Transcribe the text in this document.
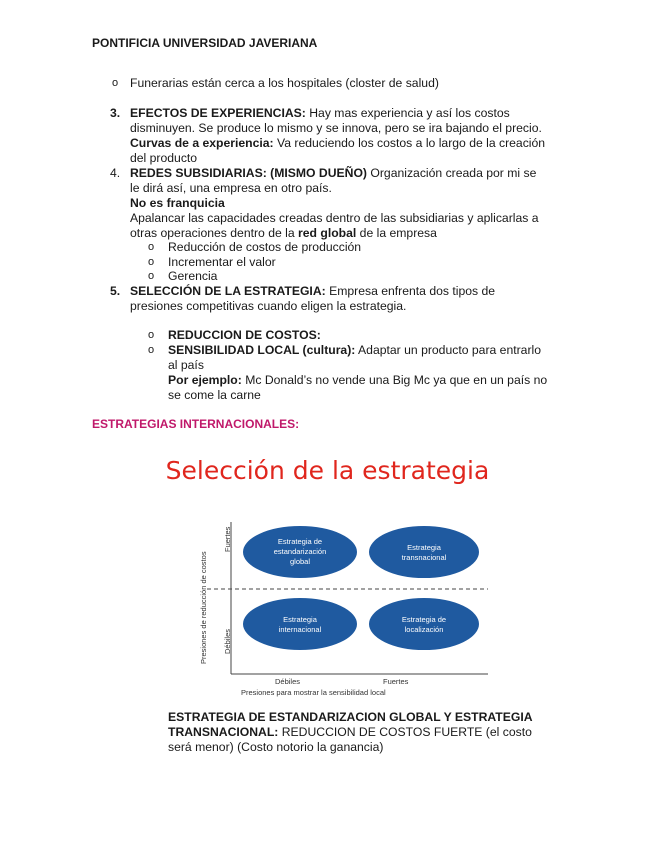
PONTIFICIA UNIVERSIDAD JAVERIANA
o Funerarias están cerca a los hospitales (closter de salud)
3. EFECTOS DE EXPERIENCIAS: Hay mas experiencia y así los costos
disminuyen. Se produce lo mismo y se innova, pero se ira bajando el precio.
Curvas de a experiencia: Va reduciendo los costos a lo largo de la creación
del producto
4. REDES SUBSIDIARIAS: (MISMO DUEÑO) Organización creada por mi se
le dirá así, una empresa en otro país.
No es franquicia
Apalancar las capacidades creadas dentro de las subsidiarias y aplicarlas a
otras operaciones dentro de la red global de la empresa
o Reducción de costos de producción
o Incrementar el valor
o Gerencia
5. SELECCIÓN DE LA ESTRATEGIA: Empresa enfrenta dos tipos de
presiones competitivas cuando eligen la estrategia.
o REDUCCION DE COSTOS:
o SENSIBILIDAD LOCAL (cultura): Adaptar un producto para entrarlo
al país
Por ejemplo: Mc Donald’s no vende una Big Mc ya que en un país no
se come la carne
ESTRATEGIAS INTERNACIONALES:
Selección de la estrategia
Presiones de reducción de costos
Fuertes
Débiles
Débiles	Fuertes
Presiones para mostrar la sensibilidad local
Estrategia de
estandarización
global
Estrategia
transnacional
Estrategia
internacional
Estrategia de
localización
ESTRATEGIA DE ESTANDARIZACION GLOBAL Y ESTRATEGIA
TRANSNACIONAL: REDUCCION DE COSTOS FUERTE (el costo
será menor) (Costo notorio la ganancia)
